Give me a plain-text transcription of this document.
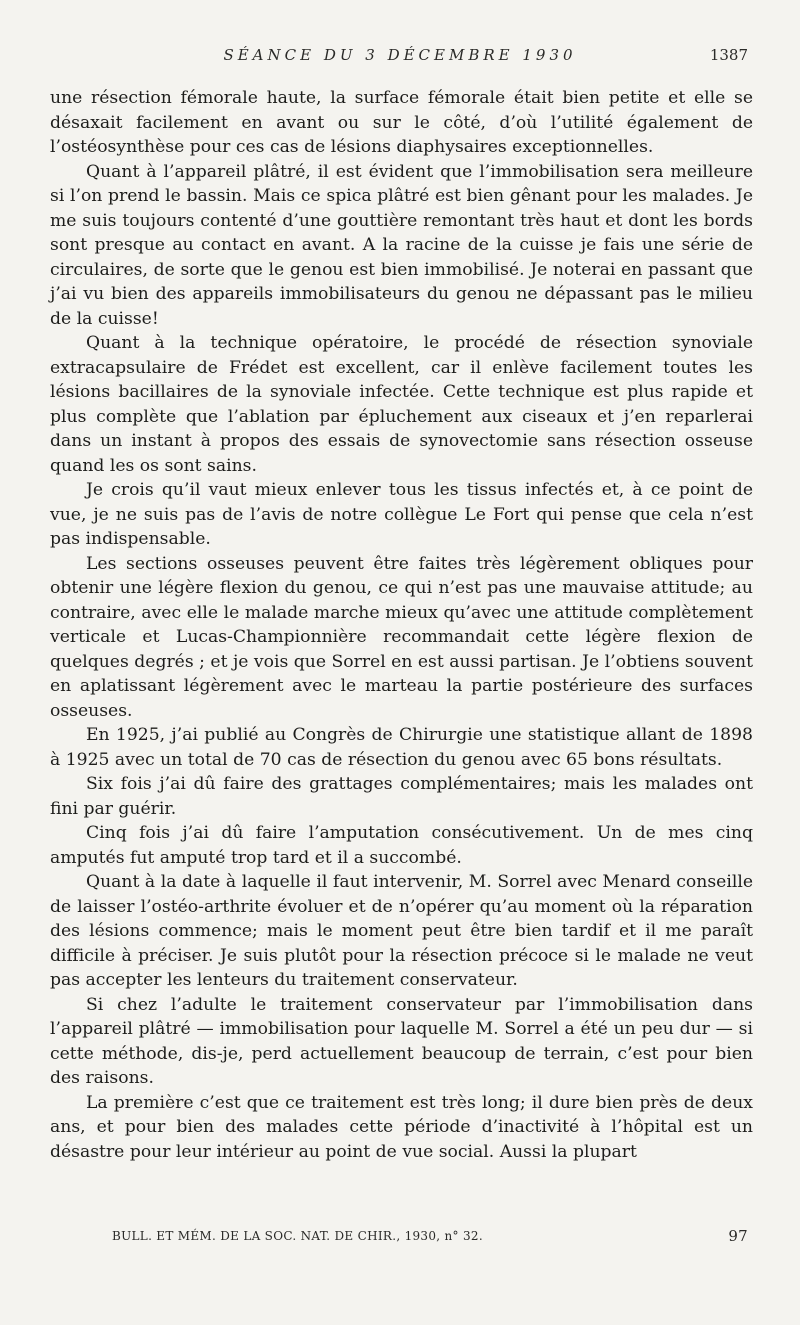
SÉANCE DU 3 DÉCEMBRE 1930	1387

une résection fémorale haute, la surface fémorale était bien petite et elle se désaxait facilement en avant ou sur le côté, d’où l’utilité également de l’ostéosynthèse pour ces cas de lésions diaphysaires exceptionnelles.

Quant à l’appareil plâtré, il est évident que l’immobilisation sera meilleure si l’on prend le bassin. Mais ce spica plâtré est bien gênant pour les malades. Je me suis toujours contenté d’une gouttière remontant très haut et dont les bords sont presque au contact en avant. A la racine de la cuisse je fais une série de circulaires, de sorte que le genou est bien immobilisé. Je noterai en passant que j’ai vu bien des appareils immobilisateurs du genou ne dépassant pas le milieu de la cuisse!

Quant à la technique opératoire, le procédé de résection synoviale extracapsulaire de Frédet est excellent, car il enlève facilement toutes les lésions bacillaires de la synoviale infectée. Cette technique est plus rapide et plus complète que l’ablation par épluchement aux ciseaux et j’en reparlerai dans un instant à propos des essais de synovectomie sans résection osseuse quand les os sont sains.

Je crois qu’il vaut mieux enlever tous les tissus infectés et, à ce point de vue, je ne suis pas de l’avis de notre collègue Le Fort qui pense que cela n’est pas indispensable.

Les sections osseuses peuvent être faites très légèrement obliques pour obtenir une légère flexion du genou, ce qui n’est pas une mauvaise attitude; au contraire, avec elle le malade marche mieux qu’avec une attitude complètement verticale et Lucas-Championnière recommandait cette légère flexion de quelques degrés ; et je vois que Sorrel en est aussi partisan. Je l’obtiens souvent en aplatissant légèrement avec le marteau la partie postérieure des surfaces osseuses.

En 1925, j’ai publié au Congrès de Chirurgie une statistique allant de 1898 à 1925 avec un total de 70 cas de résection du genou avec 65 bons résultats.

Six fois j’ai dû faire des grattages complémentaires; mais les malades ont fini par guérir.

Cinq fois j’ai dû faire l’amputation consécutivement. Un de mes cinq amputés fut amputé trop tard et il a succombé.

Quant à la date à laquelle il faut intervenir, M. Sorrel avec Menard conseille de laisser l’ostéo-arthrite évoluer et de n’opérer qu’au moment où la réparation des lésions commence; mais le moment peut être bien tardif et il me paraît difficile à préciser. Je suis plutôt pour la résection précoce si le malade ne veut pas accepter les lenteurs du traitement conservateur.

Si chez l’adulte le traitement conservateur par l’immobilisation dans l’appareil plâtré — immobilisation pour laquelle M. Sorrel a été un peu dur — si cette méthode, dis-je, perd actuellement beaucoup de terrain, c’est pour bien des raisons.

La première c’est que ce traitement est très long; il dure bien près de deux ans, et pour bien des malades cette période d’inactivité à l’hôpital est un désastre pour leur intérieur au point de vue social. Aussi la plupart

BULL. ET MÉM. DE LA SOC. NAT. DE CHIR., 1930, n° 32.	97
